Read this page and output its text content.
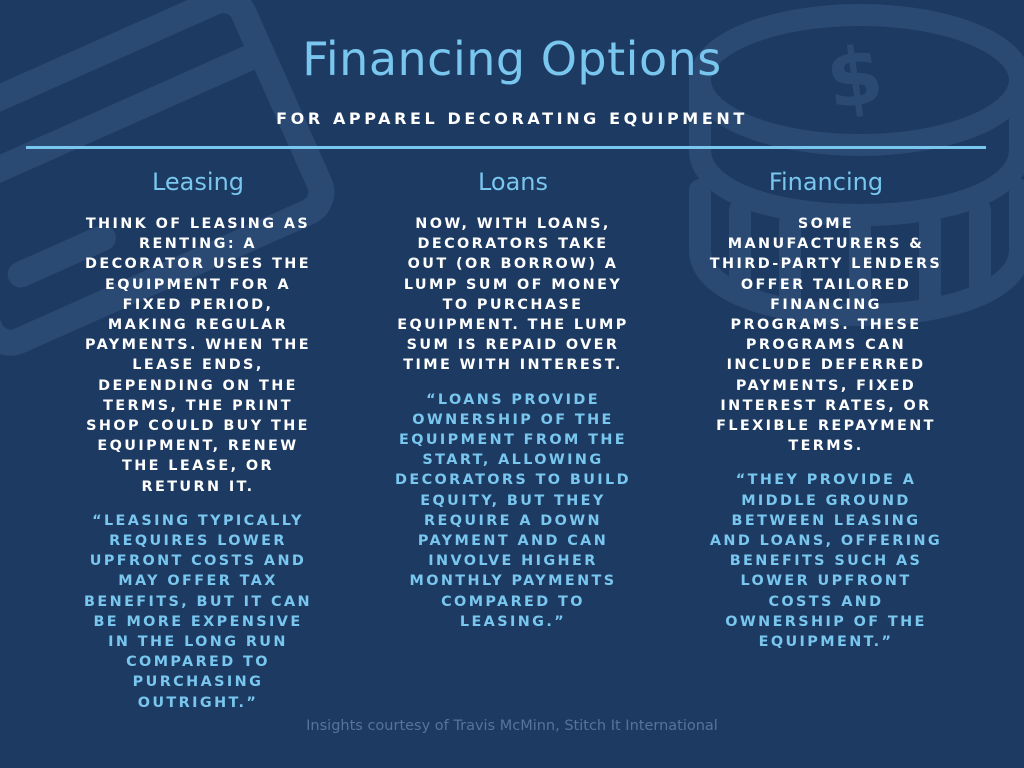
$
Financing Options
FOR APPAREL DECORATING EQUIPMENT
Leasing

THINK OF LEASING AS RENTING: A DECORATOR USES THE EQUIPMENT FOR A FIXED PERIOD, MAKING REGULAR PAYMENTS. WHEN THE LEASE ENDS, DEPENDING ON THE TERMS, THE PRINT SHOP COULD BUY THE EQUIPMENT, RENEW THE LEASE, OR RETURN IT.

“LEASING TYPICALLY REQUIRES LOWER UPFRONT COSTS AND MAY OFFER TAX BENEFITS, BUT IT CAN BE MORE EXPENSIVE IN THE LONG RUN COMPARED TO PURCHASING OUTRIGHT.”

Loans

NOW, WITH LOANS, DECORATORS TAKE OUT (OR BORROW) A LUMP SUM OF MONEY TO PURCHASE EQUIPMENT. THE LUMP SUM IS REPAID OVER TIME WITH INTEREST.

“LOANS PROVIDE OWNERSHIP OF THE EQUIPMENT FROM THE START, ALLOWING DECORATORS TO BUILD EQUITY, BUT THEY REQUIRE A DOWN PAYMENT AND CAN INVOLVE HIGHER MONTHLY PAYMENTS COMPARED TO LEASING.”

Financing

SOME MANUFACTURERS & THIRD-PARTY LENDERS OFFER TAILORED FINANCING PROGRAMS. THESE PROGRAMS CAN INCLUDE DEFERRED PAYMENTS, FIXED INTEREST RATES, OR FLEXIBLE REPAYMENT TERMS.

“THEY PROVIDE A MIDDLE GROUND BETWEEN LEASING AND LOANS, OFFERING BENEFITS SUCH AS LOWER UPFRONT COSTS AND OWNERSHIP OF THE EQUIPMENT.”

Insights courtesy of Travis McMinn, Stitch It International
